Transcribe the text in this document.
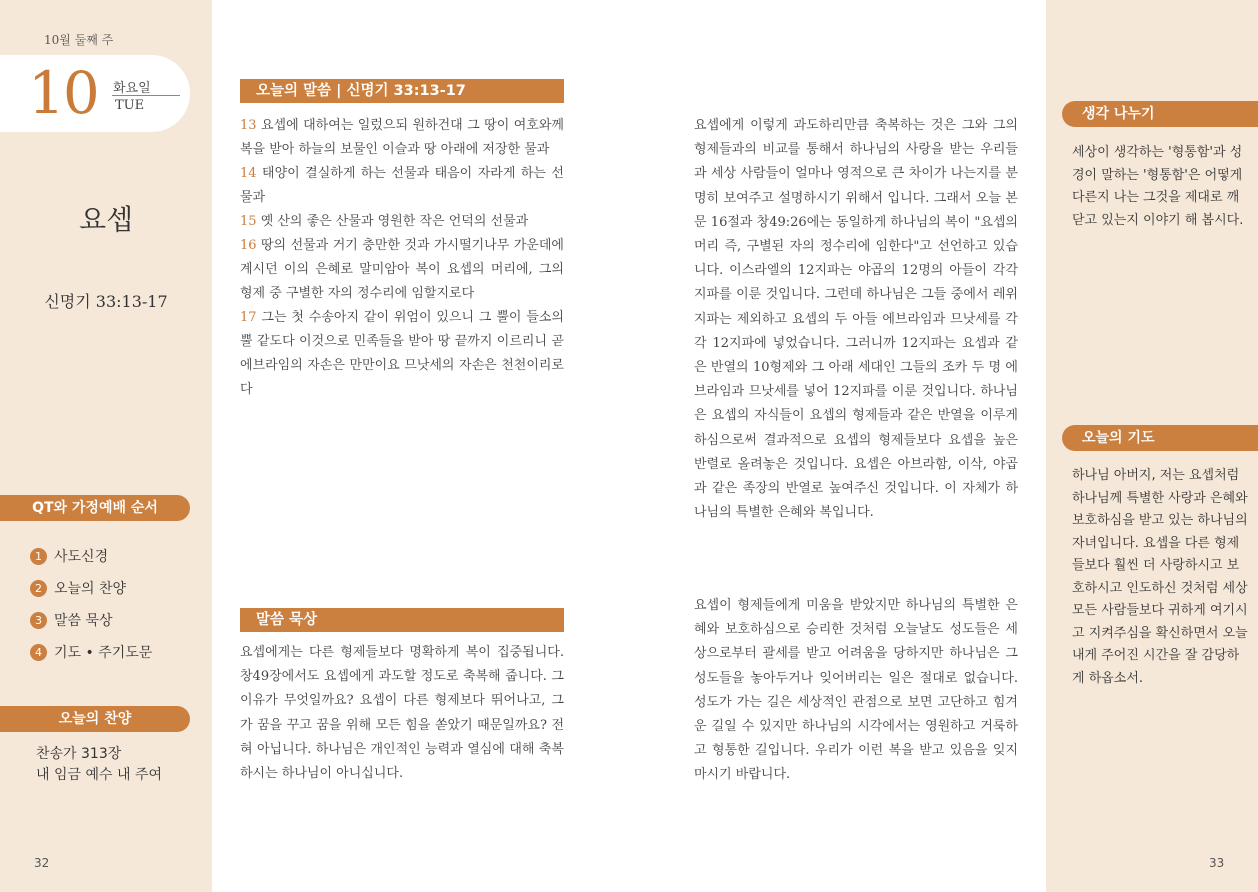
10월 둘째 주
10 화요일
TUE
요셉
신명기 33:13-17
QT와 가정예배 순서
1 사도신경
2 오늘의 찬양
3 말씀 묵상
4 기도 • 주기도문
오늘의 찬양
찬송가 313장
내 임금 예수 내 주여
32
오늘의 말씀 | 신명기 33:13-17

13 요셉에 대하여는 일렀으되 원하건대 그 땅이 여호와께 복을 받아 하늘의 보물인 이슬과 땅 아래에 저장한 물과
14 태양이 결실하게 하는 선물과 태음이 자라게 하는 선물과
15 옛 산의 좋은 산물과 영원한 작은 언덕의 선물과
16 땅의 선물과 거기 충만한 것과 가시떨기나무 가운데에 계시던 이의 은혜로 말미암아 복이 요셉의 머리에, 그의 형제 중 구별한 자의 정수리에 임할지로다
17 그는 첫 수송아지 같이 위엄이 있으니 그 뿔이 들소의 뿔 같도다 이것으로 민족들을 받아 땅 끝까지 이르리니 곧 에브라임의 자손은 만만이요 므낫세의 자손은 천천이리로다

말씀 묵상

요셉에게는 다른 형제들보다 명확하게 복이 집중됩니다. 창49장에서도 요셉에게 과도할 정도로 축복해 줍니다. 그 이유가 무엇일까요? 요셉이 다른 형제보다 뛰어나고, 그가 꿈을 꾸고 꿈을 위해 모든 힘을 쏟았기 때문일까요? 전혀 아닙니다. 하나님은 개인적인 능력과 열심에 대해 축복하시는 하나님이 아니십니다.

요셉에게 이렇게 과도하리만큼 축복하는 것은 그와 그의 형제들과의 비교를 통해서 하나님의 사랑을 받는 우리들과 세상 사람들이 얼마나 영적으로 큰 차이가 나는지를 분명히 보여주고 설명하시기 위해서 입니다. 그래서 오늘 본문 16절과 창49:26에는 동일하게 하나님의 복이 "요셉의 머리 즉, 구별된 자의 정수리에 임한다"고 선언하고 있습니다. 이스라엘의 12지파는 야곱의 12명의 아들이 각각 지파를 이룬 것입니다. 그런데 하나님은 그들 중에서 레위지파는 제외하고 요셉의 두 아들 에브라임과 므낫세를 각각 12지파에 넣었습니다. 그러니까 12지파는 요셉과 같은 반열의 10형제와 그 아래 세대인 그들의 조카 두 명 에브라임과 므낫세를 넣어 12지파를 이룬 것입니다. 하나님은 요셉의 자식들이 요셉의 형제들과 같은 반열을 이루게 하심으로써 결과적으로 요셉의 형제들보다 요셉을 높은 반렬로 올려놓은 것입니다. 요셉은 아브라함, 이삭, 야곱과 같은 족장의 반열로 높여주신 것입니다. 이 자체가 하나님의 특별한 은혜와 복입니다.

요셉이 형제들에게 미움을 받았지만 하나님의 특별한 은혜와 보호하심으로 승리한 것처럼 오늘날도 성도들은 세상으로부터 괄세를 받고 어려움을 당하지만 하나님은 그 성도들을 놓아두거나 잊어버리는 일은 절대로 없습니다. 성도가 가는 길은 세상적인 관점으로 보면 고단하고 힘겨운 길일 수 있지만 하나님의 시각에서는 영원하고 거룩하고 형통한 길입니다. 우리가 이런 복을 받고 있음을 잊지 마시기 바랍니다.

생각 나누기

세상이 생각하는 '형통함'과 성경이 말하는 '형통함'은 어떻게 다른지 나는 그것을 제대로 깨닫고 있는지 이야기 해 봅시다.

오늘의 기도

하나님 아버지, 저는 요셉처럼 하나님께 특별한 사랑과 은혜와 보호하심을 받고 있는 하나님의 자녀입니다. 요셉을 다른 형제들보다 훨씬 더 사랑하시고 보호하시고 인도하신 것처럼 세상 모든 사람들보다 귀하게 여기시고 지켜주심을 확신하면서 오늘 내게 주어진 시간을 잘 감당하게 하옵소서.

33
